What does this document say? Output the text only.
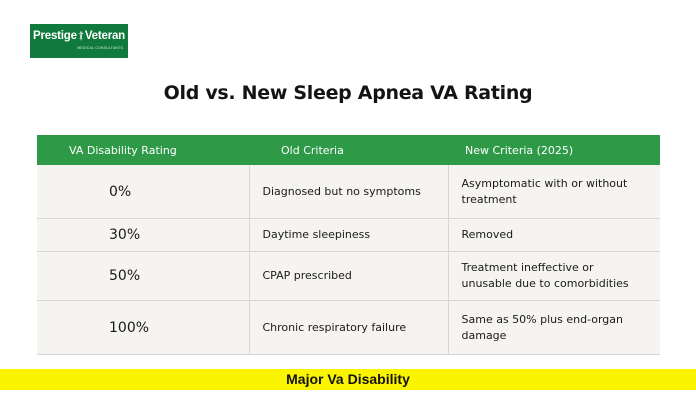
Prestige Veteran
MEDICAL CONSULTANTS
Old vs. New Sleep Apnea VA Rating
VA Disability Rating	Old Criteria	New Criteria (2025)
0%	Diagnosed but no symptoms	Asymptomatic with or without treatment
30%	Daytime sleepiness	Removed
50%	CPAP prescribed	Treatment ineffective or unusable due to comorbidities
100%	Chronic respiratory failure	Same as 50% plus end-organ damage
Major Va Disability
